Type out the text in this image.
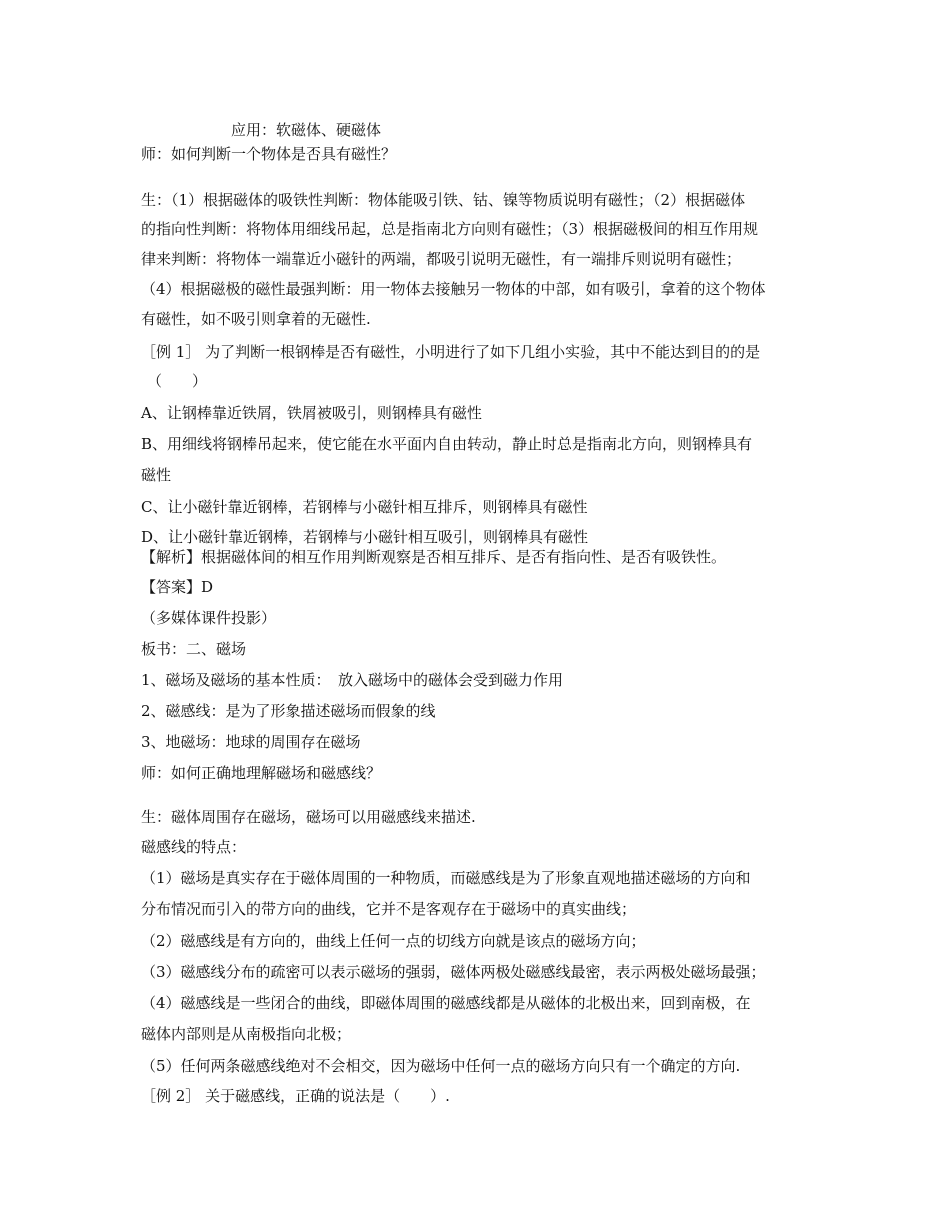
应用：软磁体、硬磁体
师：如何判断一个物体是否具有磁性？
生：（1）根据磁体的吸铁性判断：物体能吸引铁、钴、镍等物质说明有磁性；（2）根据磁体
的指向性判断：将物体用细线吊起，总是指南北方向则有磁性；（3）根据磁极间的相互作用规
律来判断：将物体一端靠近小磁针的两端，都吸引说明无磁性，有一端排斥则说明有磁性；
（4）根据磁极的磁性最强判断：用一物体去接触另一物体的中部，如有吸引，拿着的这个物体
有磁性，如不吸引则拿着的无磁性.
［例 1］ 为了判断一根钢棒是否有磁性，小明进行了如下几组小实验，其中不能达到目的的是
（　　）
A、让钢棒靠近铁屑，铁屑被吸引，则钢棒具有磁性
B、用细线将钢棒吊起来，使它能在水平面内自由转动，静止时总是指南北方向，则钢棒具有
磁性
C、让小磁针靠近钢棒，若钢棒与小磁针相互排斥，则钢棒具有磁性
D、让小磁针靠近钢棒，若钢棒与小磁针相互吸引，则钢棒具有磁性
【解析】根据磁体间的相互作用判断观察是否相互排斥、是否有指向性、是否有吸铁性。
【答案】D
（多媒体课件投影）
板书：二、磁场
1、磁场及磁场的基本性质：　放入磁场中的磁体会受到磁力作用
2、磁感线：是为了形象描述磁场而假象的线
3、地磁场：地球的周围存在磁场
师：如何正确地理解磁场和磁感线？
生：磁体周围存在磁场，磁场可以用磁感线来描述.
磁感线的特点：
（1）磁场是真实存在于磁体周围的一种物质，而磁感线是为了形象直观地描述磁场的方向和
分布情况而引入的带方向的曲线，它并不是客观存在于磁场中的真实曲线；
（2）磁感线是有方向的，曲线上任何一点的切线方向就是该点的磁场方向；
（3）磁感线分布的疏密可以表示磁场的强弱，磁体两极处磁感线最密，表示两极处磁场最强；
（4）磁感线是一些闭合的曲线，即磁体周围的磁感线都是从磁体的北极出来，回到南极，在
磁体内部则是从南极指向北极；
（5）任何两条磁感线绝对不会相交，因为磁场中任何一点的磁场方向只有一个确定的方向.
［例 2］ 关于磁感线，正确的说法是（　　）.
